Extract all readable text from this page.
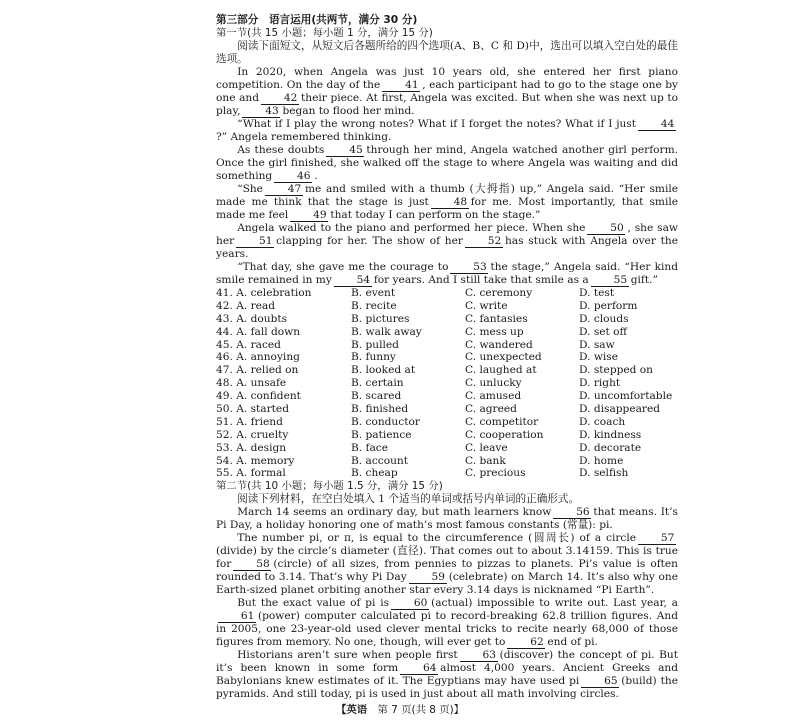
第三部分　语言运用(共两节，满分 30 分)

第一节(共 15 小题；每小题 1 分，满分 15 分)

阅读下面短文，从短文后各题所给的四个选项(A、B、C 和 D)中，选出可以填入空白处的最佳选项。

In 2020, when Angela was just 10 years old, she entered her first piano competition. On the day of the 41 , each participant had to go to the stage one by one and 42 their piece. At first, Angela was excited. But when she was next up to play, 43 began to flood her mind.

“What if I play the wrong notes? What if I forget the notes? What if I just 44?” Angela remembered thinking.

As these doubts 45 through her mind, Angela watched another girl perform. Once the girl finished, she walked off the stage to where Angela was waiting and did something 46 .

“She 47 me and smiled with a thumb (大拇指) up,” Angela said. “Her smile made me think that the stage is just 48 for me. Most importantly, that smile made me feel 49 that today I can perform on the stage.”

Angela walked to the piano and performed her piece. When she 50 , she saw her 51 clapping for her. The show of her 52 has stuck with Angela over the years.

“That day, she gave me the courage to 53 the stage,” Angela said. “Her kind smile remained in my 54 for years. And I still take that smile as a 55 gift.”

41. A. celebration	B. event	C. ceremony	D. test
42. A. read	B. recite	C. write	D. perform
43. A. doubts	B. pictures	C. fantasies	D. clouds
44. A. fall down	B. walk away	C. mess up	D. set off
45. A. raced	B. pulled	C. wandered	D. saw
46. A. annoying	B. funny	C. unexpected	D. wise
47. A. relied on	B. looked at	C. laughed at	D. stepped on
48. A. unsafe	B. certain	C. unlucky	D. right
49. A. confident	B. scared	C. amused	D. uncomfortable
50. A. started	B. finished	C. agreed	D. disappeared
51. A. friend	B. conductor	C. competitor	D. coach
52. A. cruelty	B. patience	C. cooperation	D. kindness
53. A. design	B. face	C. leave	D. decorate
54. A. memory	B. account	C. bank	D. home
55. A. formal	B. cheap	C. precious	D. selfish

第二节(共 10 小题；每小题 1.5 分，满分 15 分)

阅读下列材料，在空白处填入 1 个适当的单词或括号内单词的正确形式。

March 14 seems an ordinary day, but math learners know 56 that means. It’s Pi Day, a holiday honoring one of math’s most famous constants (常量): pi.

The number pi, or π, is equal to the circumference (圆周长) of a circle 57(divide) by the circle’s diameter (直径). That comes out to about 3.14159. This is true for 58 (circle) of all sizes, from pennies to pizzas to planets. Pi’s value is often rounded to 3.14. That’s why Pi Day 59 (celebrate) on March 14. It’s also why one Earth-sized planet orbiting another star every 3.14 days is nicknamed “Pi Earth”.

But the exact value of pi is 60 (actual) impossible to write out. Last year, a61 (power) computer calculated pi to record-breaking 62.8 trillion figures. And in 2005, one 23-year-old used clever mental tricks to recite nearly 68,000 of those figures from memory. No one, though, will ever get to 62 end of pi.

Historians aren’t sure when people first 63 (discover) the concept of pi. But it’s been known in some form 64 almost 4,000 years. Ancient Greeks and Babylonians knew estimates of it. The Egyptians may have used pi 65 (build) the pyramids. And still today, pi is used in just about all math involving circles.

【英语　 第 7 页(共 8 页)】
